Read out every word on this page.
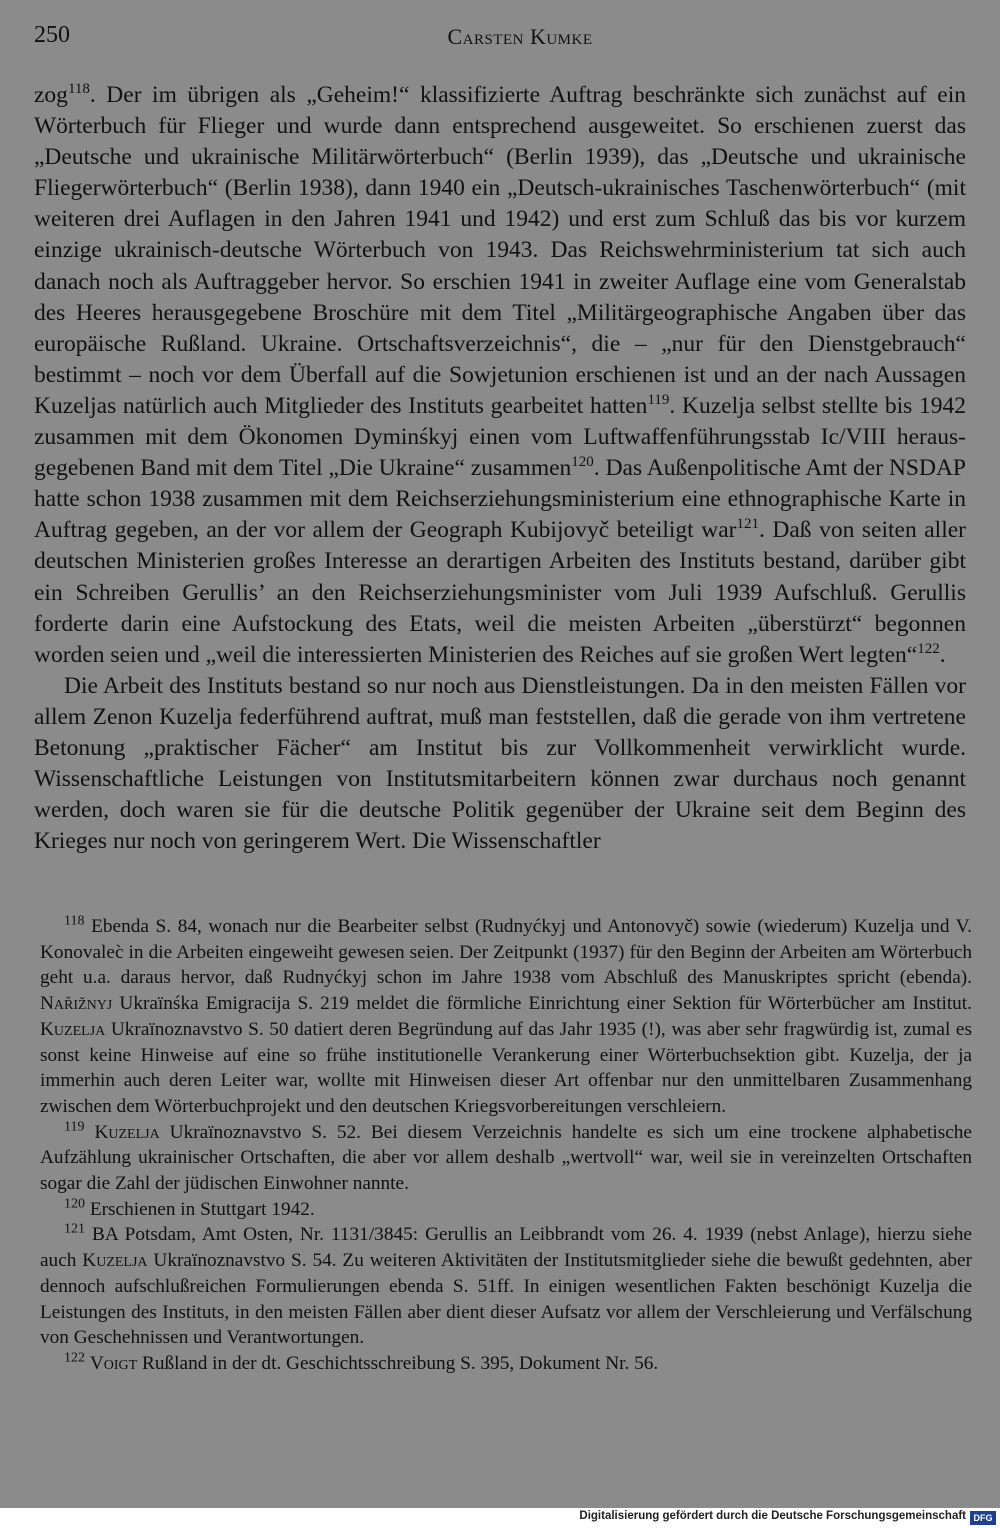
250	Carsten Kumke

zog$^{118}$. Der im übrigen als „Geheim!“ klassifizierte Auftrag beschränkte sich zunächst auf ein Wörterbuch für Flieger und wurde dann entsprechend ausgeweitet. So erschienen zuerst das „Deutsche und ukrainische Militärwörterbuch“ (Berlin 1939), das „Deutsche und ukrainische Fliegerwörterbuch“ (Berlin 1938), dann 1940 ein „Deutsch-ukrainisches Taschenwörterbuch“ (mit weiteren drei Auflagen in den Jahren 1941 und 1942) und erst zum Schluß das bis vor kurzem einzige ukrainisch-deutsche Wörterbuch von 1943. Das Reichswehrministerium tat sich auch danach noch als Auftraggeber hervor. So erschien 1941 in zweiter Auflage eine vom Generalstab des Heeres herausgegebene Broschüre mit dem Titel „Militärgeographische Angaben über das europäische Rußland. Ukraine. Ortschaftsverzeichnis“, die – „nur für den Dienstgebrauch“ bestimmt – noch vor dem Überfall auf die Sowjetunion erschienen ist und an der nach Aussagen Kuzeljas natürlich auch Mitglieder des Instituts gearbeitet hatten$^{119}$. Kuzelja selbst stellte bis 1942 zusammen mit dem Ökonomen Dyminśkyj einen vom Luftwaffenführungsstab Ic/VIII herausgegebenen Band mit dem Titel „Die Ukraine“ zusammen$^{120}$. Das Außenpolitische Amt der NSDAP hatte schon 1938 zusammen mit dem Reichserziehungsministerium eine ethnographische Karte in Auftrag gegeben, an der vor allem der Geograph Kubijovyč beteiligt war$^{121}$. Daß von seiten aller deutschen Ministerien großes Interesse an derartigen Arbeiten des Instituts bestand, darüber gibt ein Schreiben Gerullis’ an den Reichserziehungsminister vom Juli 1939 Aufschluß. Gerullis forderte darin eine Aufstockung des Etats, weil die meisten Arbeiten „überstürzt“ begonnen worden seien und „weil die interessierten Ministerien des Reiches auf sie großen Wert legten“$^{122}$.

Die Arbeit des Instituts bestand so nur noch aus Dienstleistungen. Da in den meisten Fällen vor allem Zenon Kuzelja federführend auftrat, muß man feststellen, daß die gerade von ihm vertretene Betonung „praktischer Fächer“ am Institut bis zur Vollkommenheit verwirklicht wurde. Wissenschaftliche Leistungen von Institutsmitarbeitern können zwar durchaus noch genannt werden, doch waren sie für die deutsche Politik gegenüber der Ukraine seit dem Beginn des Krieges nur noch von geringerem Wert. Die Wissenschaftler

$^{118}$ Ebenda S. 84, wonach nur die Bearbeiter selbst (Rudnyćkyj und Antonovyč) sowie (wiederum) Kuzelja und V. Konovalec̀ in die Arbeiten eingeweiht gewesen seien. Der Zeitpunkt (1937) für den Beginn der Arbeiten am Wörterbuch geht u.a. daraus hervor, daß Rudnyćkyj schon im Jahre 1938 vom Abschluß des Manuskriptes spricht (ebenda). Nar̆iz̆nyj Ukraïnśka Emigracija S. 219 meldet die förmliche Einrichtung einer Sektion für Wörterbücher am Institut. Kuzelja Ukraïnoznavstvo S. 50 datiert deren Begründung auf das Jahr 1935 (!), was aber sehr fragwürdig ist, zumal es sonst keine Hinweise auf eine so frühe institutionelle Verankerung einer Wörterbuchsektion gibt. Kuzelja, der ja immerhin auch deren Leiter war, wollte mit Hinweisen dieser Art offenbar nur den unmittelbaren Zusammenhang zwischen dem Wörterbuchprojekt und den deutschen Kriegsvorbereitungen verschleiern.

$^{119}$ Kuzelja Ukraïnoznavstvo S. 52. Bei diesem Verzeichnis handelte es sich um eine trockene alphabetische Aufzählung ukrainischer Ortschaften, die aber vor allem deshalb „wertvoll“ war, weil sie in vereinzelten Ortschaften sogar die Zahl der jüdischen Einwohner nannte.

$^{120}$ Erschienen in Stuttgart 1942.

$^{121}$ BA Potsdam, Amt Osten, Nr. 1131/3845: Gerullis an Leibbrandt vom 26. 4. 1939 (nebst Anlage), hierzu siehe auch Kuzelja Ukraïnoznavstvo S. 54. Zu weiteren Aktivitäten der Institutsmitglieder siehe die bewußt gedehnten, aber dennoch aufschlußreichen Formulierungen ebenda S. 51ff. In einigen wesentlichen Fakten beschönigt Kuzelja die Leistungen des Instituts, in den meisten Fällen aber dient dieser Aufsatz vor allem der Verschleierung und Verfälschung von Geschehnissen und Verantwortungen.

$^{122}$ Voigt Rußland in der dt. Geschichtsschreibung S. 395, Dokument Nr. 56.

Digitalisierung gefördert durch die Deutsche Forschungsgemeinschaft DFG
